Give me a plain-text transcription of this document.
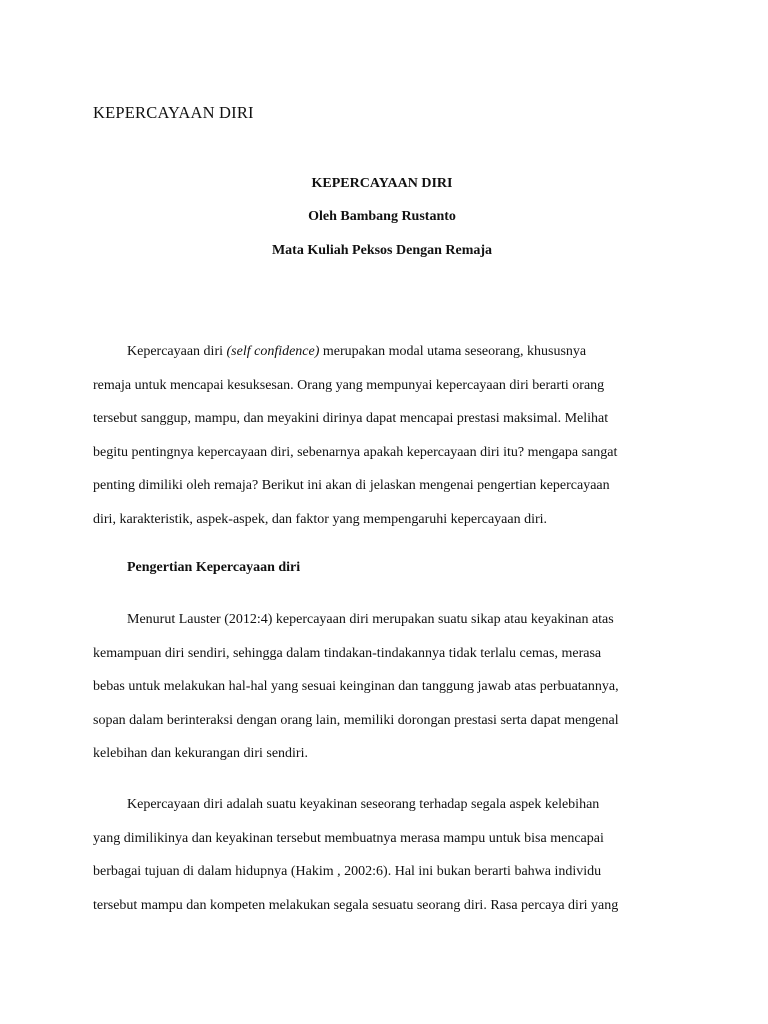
KEPERCAYAAN DIRI

KEPERCAYAAN DIRI

Oleh Bambang Rustanto

Mata Kuliah Peksos Dengan Remaja

Kepercayaan diri (self confidence) merupakan modal utama seseorang, khususnya
remaja untuk mencapai kesuksesan. Orang yang mempunyai kepercayaan diri berarti orang
tersebut sanggup, mampu, dan meyakini dirinya dapat mencapai prestasi maksimal. Melihat
begitu pentingnya kepercayaan diri, sebenarnya apakah kepercayaan diri itu? mengapa sangat
penting dimiliki oleh remaja? Berikut ini akan di jelaskan mengenai pengertian kepercayaan
diri, karakteristik, aspek-aspek, dan faktor yang mempengaruhi kepercayaan diri.
Pengertian Kepercayaan diri
Menurut Lauster (2012:4) kepercayaan diri merupakan suatu sikap atau keyakinan atas
kemampuan diri sendiri, sehingga dalam tindakan-tindakannya tidak terlalu cemas, merasa
bebas untuk melakukan hal-hal yang sesuai keinginan dan tanggung jawab atas perbuatannya,
sopan dalam berinteraksi dengan orang lain, memiliki dorongan prestasi serta dapat mengenal
kelebihan dan kekurangan diri sendiri.
Kepercayaan diri adalah suatu keyakinan seseorang terhadap segala aspek kelebihan
yang dimilikinya dan keyakinan tersebut membuatnya merasa mampu untuk bisa mencapai
berbagai tujuan di dalam hidupnya (Hakim , 2002:6). Hal ini bukan berarti bahwa individu
tersebut mampu dan kompeten melakukan segala sesuatu seorang diri. Rasa percaya diri yang
